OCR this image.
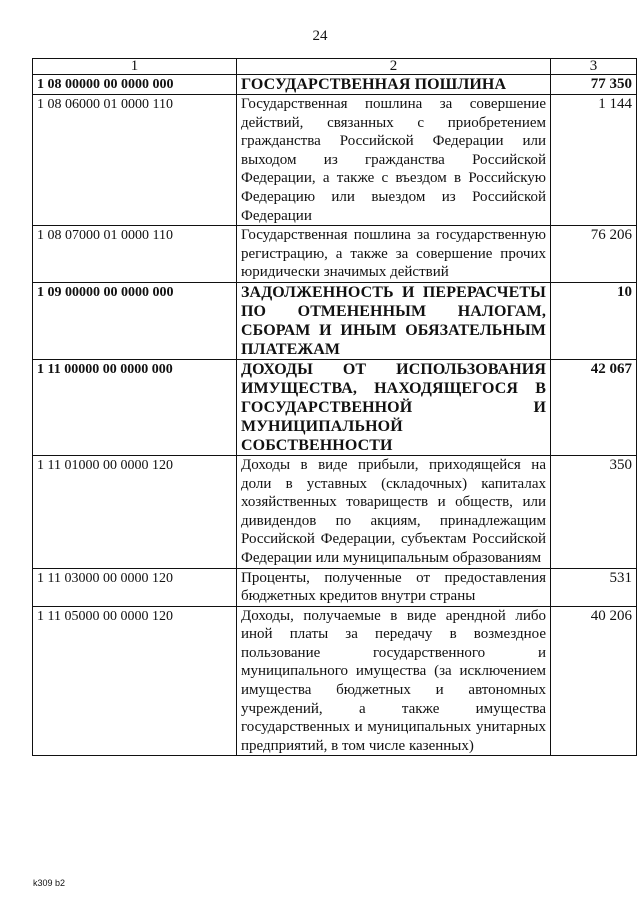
24
1	2	3
1 08 00000 00 0000 000	ГОСУДАРСТВЕННАЯ ПОШЛИНА	77 350
1 08 06000 01 0000 110	Государственная пошлина за совершение действий, связанных с приобретением гражданства Российской Федерации или выходом из гражданства Российской Федерации, а также с въездом в Российскую Федерацию или выездом из Российской Федерации	1 144
1 08 07000 01 0000 110	Государственная пошлина за государственную регистрацию, а также за совершение прочих юридически значимых действий	76 206
1 09 00000 00 0000 000	ЗАДОЛЖЕННОСТЬ И ПЕРЕРАСЧЕТЫ ПО ОТМЕНЕННЫМ НАЛОГАМ, СБОРАМ И ИНЫМ ОБЯЗАТЕЛЬНЫМ ПЛАТЕЖАМ	10
1 11 00000 00 0000 000	ДОХОДЫ ОТ ИСПОЛЬЗОВАНИЯ ИМУЩЕСТВА, НАХОДЯЩЕГОСЯ В ГОСУДАРСТВЕННОЙ И МУНИЦИПАЛЬНОЙ СОБСТВЕННОСТИ	42 067
1 11 01000 00 0000 120	Доходы в виде прибыли, приходящейся на доли в уставных (складочных) капиталах хозяйственных товариществ и обществ, или дивидендов по акциям, принадлежащим Российской Федерации, субъектам Российской Федерации или муниципальным образованиям	350
1 11 03000 00 0000 120	Проценты, полученные от предоставления бюджетных кредитов внутри страны	531
1 11 05000 00 0000 120	Доходы, получаемые в виде арендной либо иной платы за передачу в возмездное пользование государственного и муниципального имущества (за исключением имущества бюджетных и автономных учреждений, а также имущества государственных и муниципальных унитарных предприятий, в том числе казенных)	40 206
k309 b2
